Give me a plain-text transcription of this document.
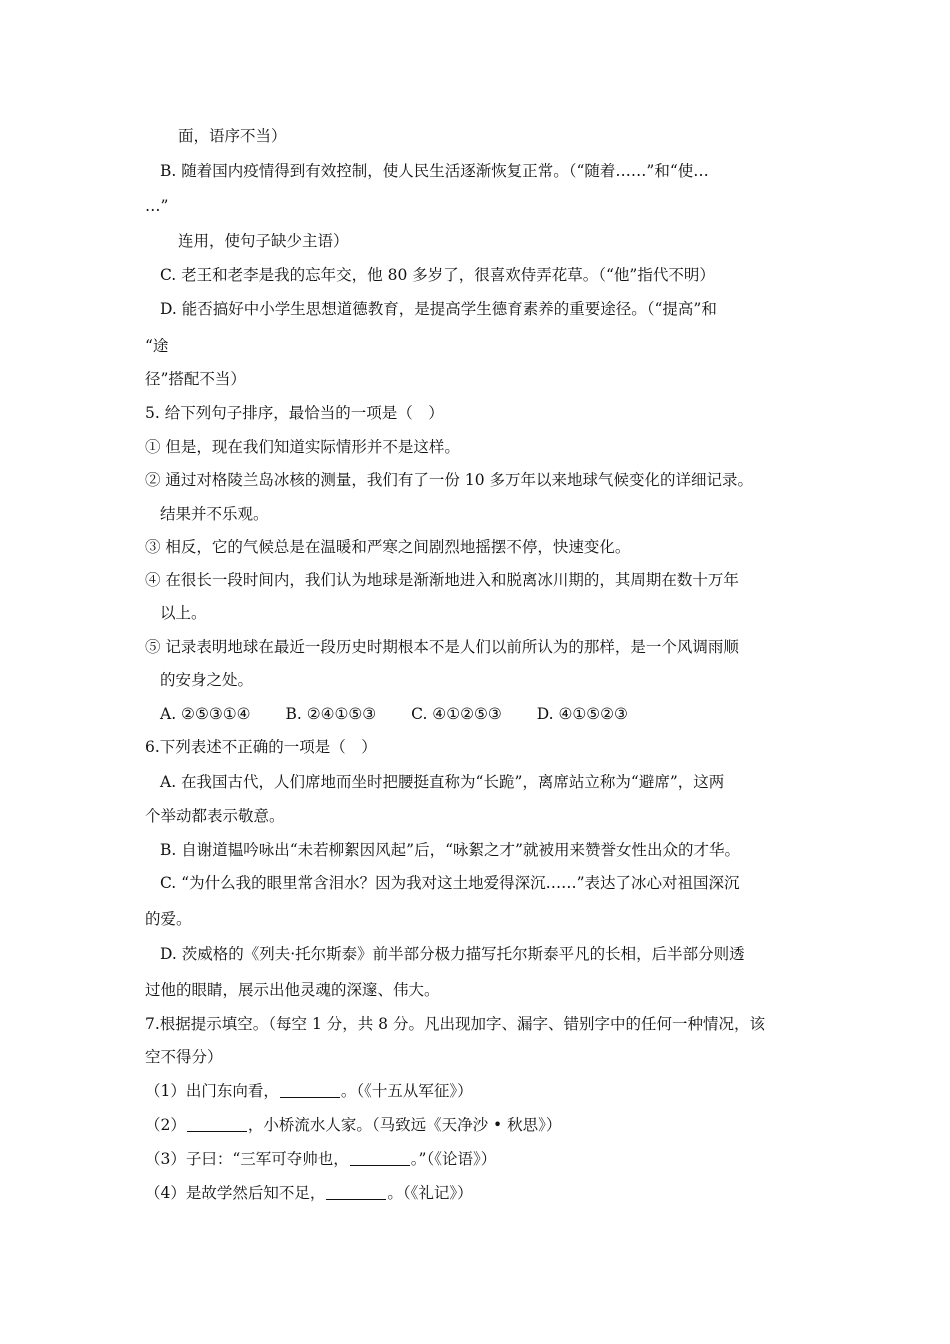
面，语序不当）
B. 随着国内疫情得到有效控制，使人民生活逐渐恢复正常。（“随着……”和“使…
…”
连用，使句子缺少主语）
C. 老王和老李是我的忘年交，他 80 多岁了，很喜欢侍弄花草。（“他”指代不明）
D. 能否搞好中小学生思想道德教育，是提高学生德育素养的重要途径。（“提高”和
“途
径”搭配不当）
5. 给下列句子排序，最恰当的一项是（　）
① 但是，现在我们知道实际情形并不是这样。
② 通过对格陵兰岛冰核的测量，我们有了一份 10 多万年以来地球气候变化的详细记录。
结果并不乐观。
③ 相反，它的气候总是在温暖和严寒之间剧烈地摇摆不停，快速变化。
④ 在很长一段时间内，我们认为地球是渐渐地进入和脱离冰川期的，其周期在数十万年
以上。
⑤ 记录表明地球在最近一段历史时期根本不是人们以前所认为的那样，是一个风调雨顺
的安身之处。
A. ②⑤③①④ B. ②④①⑤③ C. ④①②⑤③ D. ④①⑤②③
6.下列表述不正确的一项是（　）
A. 在我国古代，人们席地而坐时把腰挺直称为“长跪”，离席站立称为“避席”，这两
个举动都表示敬意。
B. 自谢道韫吟咏出“未若柳絮因风起”后，“咏絮之才”就被用来赞誉女性出众的才华。
C. “为什么我的眼里常含泪水？因为我对这土地爱得深沉……”表达了冰心对祖国深沉
的爱。
D. 茨威格的《列夫·托尔斯泰》前半部分极力描写托尔斯泰平凡的长相，后半部分则透
过他的眼睛，展示出他灵魂的深邃、伟大。
7.根据提示填空。（每空 1 分，共 8 分。凡出现加字、漏字、错别字中的任何一种情况，该
空不得分）
（1）出门东向看，	。（《十五从军征》）
（2）	，小桥流水人家。（马致远《天净沙 • 秋思》）
（3）子曰：“三军可夺帅也，	。”（《论语》）
（4）是故学然后知不足，	。（《礼记》）
